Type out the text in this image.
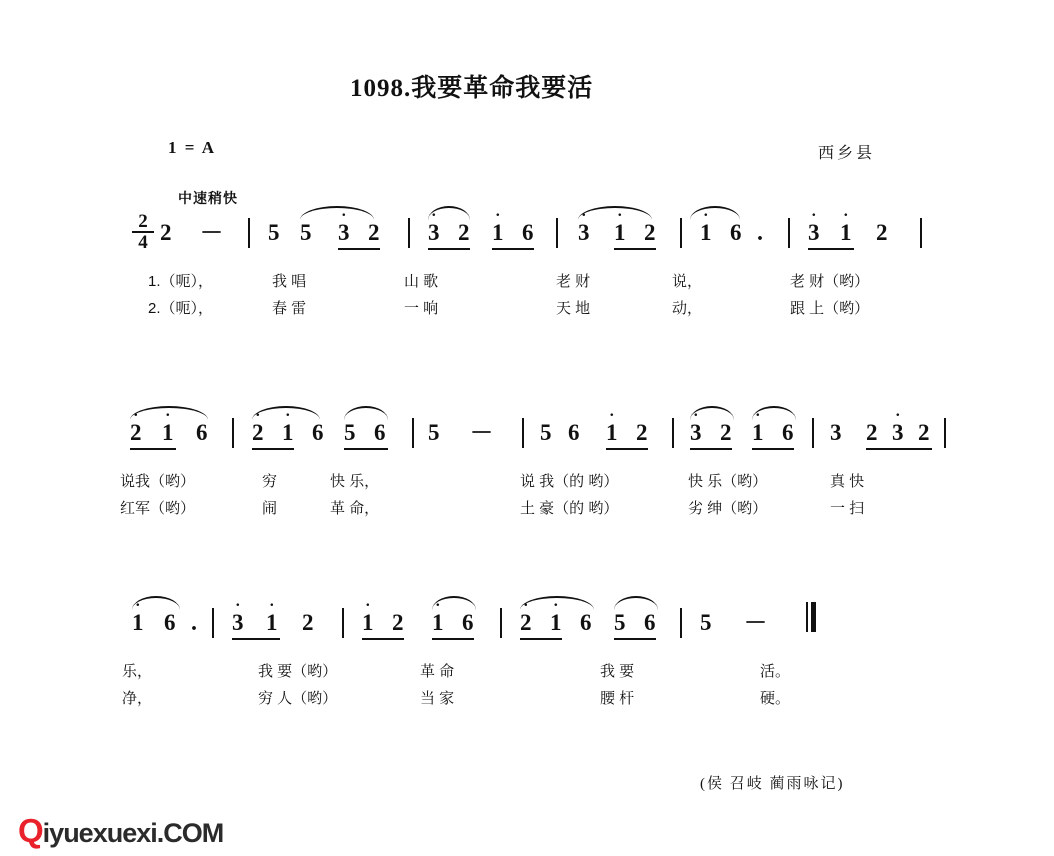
1098.我要革命我要活
1 = A	西乡县
中速稍快
2
4 2 － 5 5
·
3 2
·
3 2
·
1 6
·
3
·
1 2
·
1 6 ·
·
3
·
1 2
1.（呃），	我 唱	山 歌	老 财	说，	老 财（哟）
2.（呃），	春 雷	一 响	天 地	动，	跟 上（哟）
·
2
·
1 6
·
2
·
1 6 5 6 5 － 5 6
·
1 2
·
3 2
·
1 6 3 2
·
3 2
说我（哟）	穷	快 乐，	说 我（的 哟）	快 乐（哟）	真 快
红军（哟）	闹	革 命，	土 豪（的 哟）	劣 绅（哟）	一 扫
·
1 6 ·
·
3
·
1 2
·
1 2
·
1 6
·
2
·
1 6 5 6 5 －
乐，	我 要（哟）	革 命	我 要	活。
净，	穷 人（哟）	当 家	腰 杆	硬。
(侯 召岐 蔺雨咏记)
Qiyuexuexi.COM
